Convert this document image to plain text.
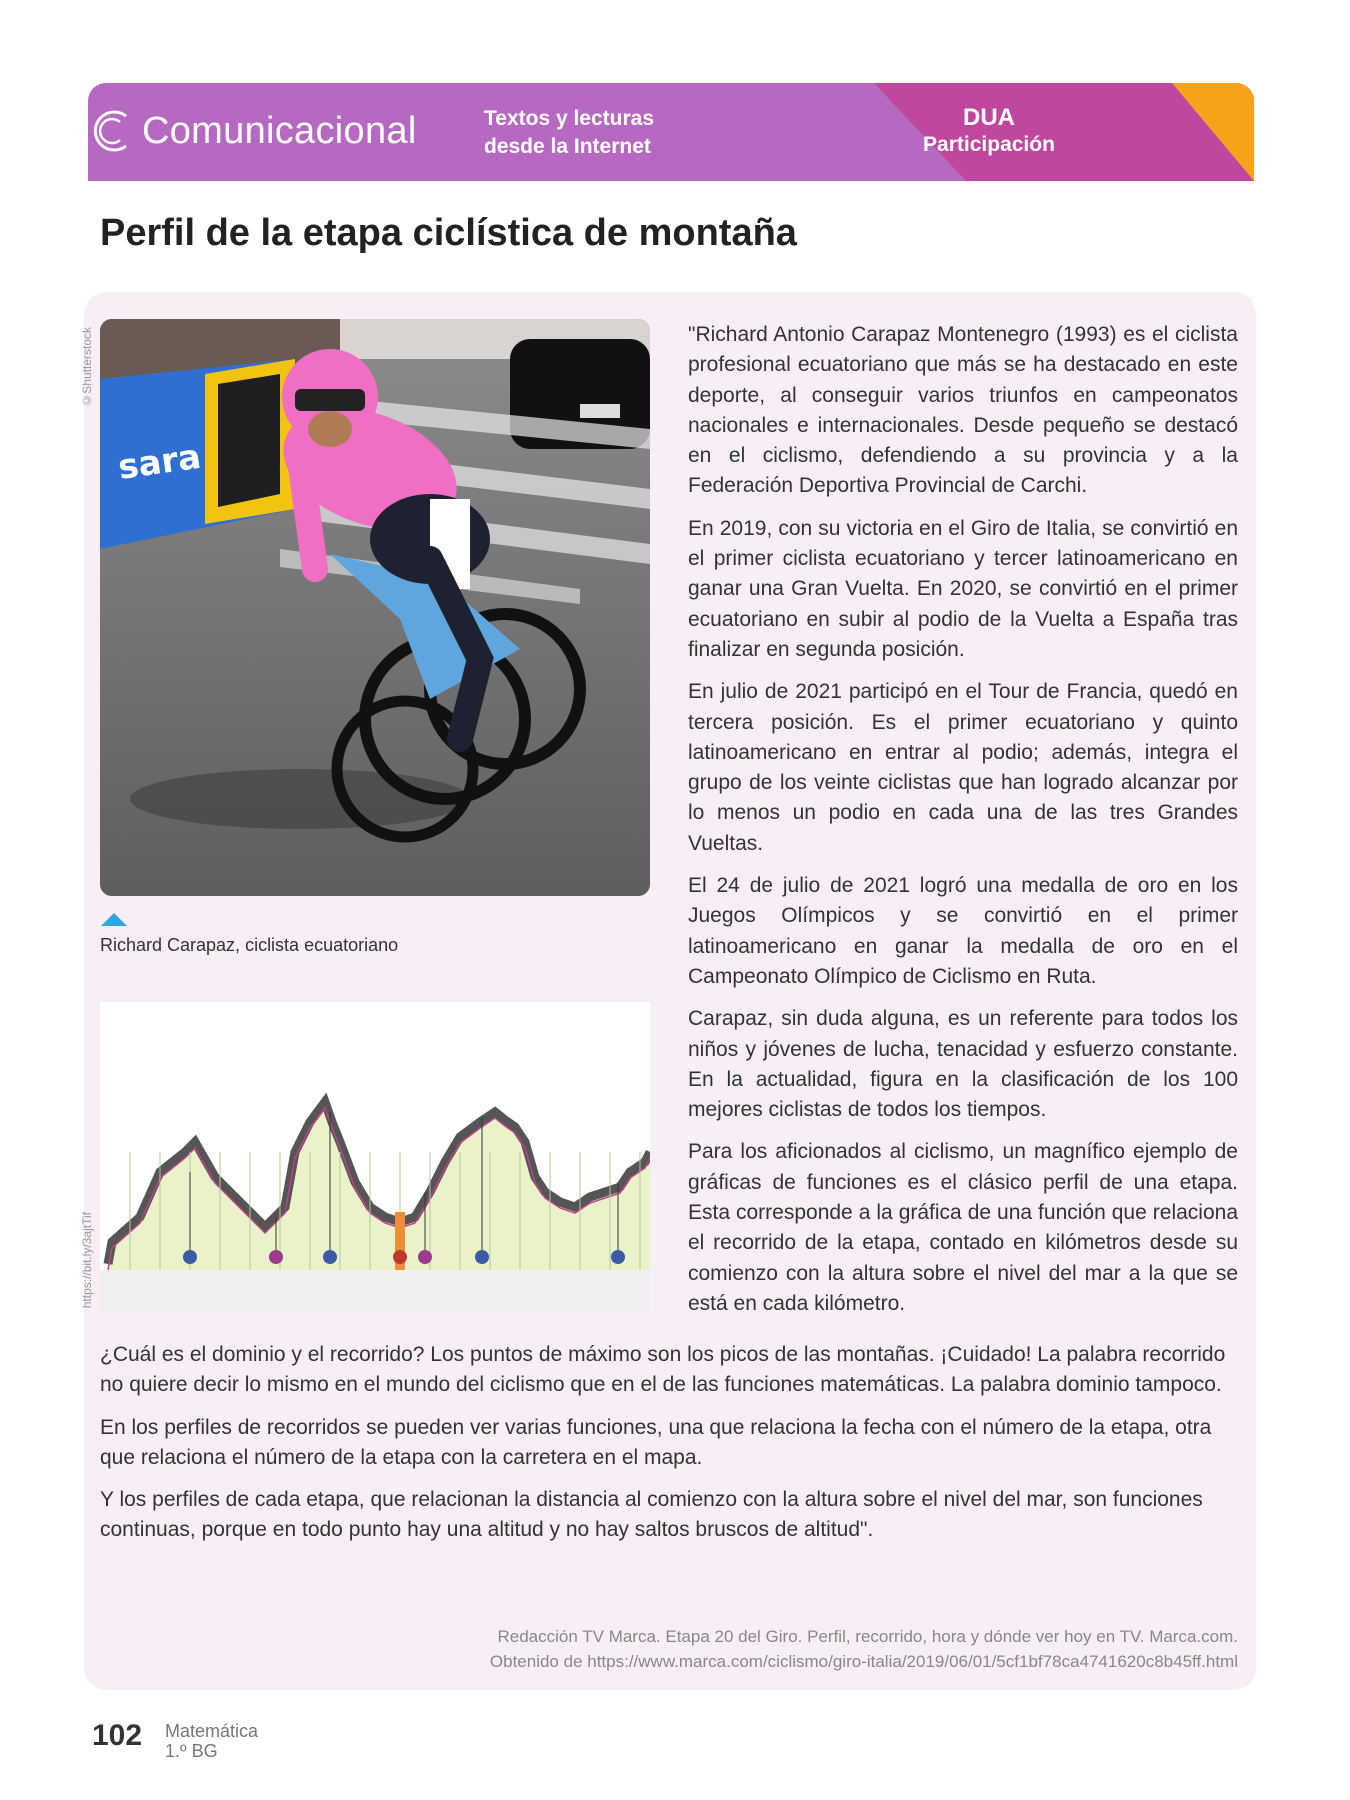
Comunicacional	Textos y lecturas
desde la Internet
DUA
Participación
Perfil de la etapa ciclística de montaña
©Shutterstock
sara
Richard Carapaz, ciclista ecuatoriano
https://bit.ly/3ajtTif

"Richard Antonio Carapaz Montenegro (1993) es el ciclista profesional ecuatoriano que más se ha destacado en este deporte, al conseguir varios triunfos en campeonatos nacionales e internacionales. Desde pequeño se destacó en el ciclismo, defendiendo a su provincia y a la Federación Deportiva Provincial de Carchi.

En 2019, con su victoria en el Giro de Italia, se convirtió en el primer ciclista ecuatoriano y tercer latinoamericano en ganar una Gran Vuelta. En 2020, se convirtió en el primer ecuatoriano en subir al podio de la Vuelta a España tras finalizar en segunda posición.

En julio de 2021 participó en el Tour de Francia, quedó en tercera posición. Es el primer ecuatoriano y quinto latinoamericano en entrar al podio; además, integra el grupo de los veinte ciclistas que han logrado alcanzar por lo menos un podio en cada una de las tres Grandes Vueltas.

El 24 de julio de 2021 logró una medalla de oro en los Juegos Olímpicos y se convirtió en el primer latinoamericano en ganar la medalla de oro en el Campeonato Olímpico de Ciclismo en Ruta.

Carapaz, sin duda alguna, es un referente para todos los niños y jóvenes de lucha, tenacidad y esfuerzo constante. En la actualidad, figura en la clasificación de los 100 mejores ciclistas de todos los tiempos.

Para los aficionados al ciclismo, un magnífico ejemplo de gráficas de funciones es el clásico perfil de una etapa. Esta corresponde a la gráfica de una función que relaciona el recorrido de la etapa, contado en kilómetros desde su comienzo con la altura sobre el nivel del mar a la que se está en cada kilómetro.

¿Cuál es el dominio y el recorrido? Los puntos de máximo son los picos de las montañas. ¡Cuidado! La palabra recorrido no quiere decir lo mismo en el mundo del ciclismo que en el de las funciones matemáticas. La palabra dominio tampoco.

En los perfiles de recorridos se pueden ver varias funciones, una que relaciona la fecha con el número de la etapa, otra que relaciona el número de la etapa con la carretera en el mapa.

Y los perfiles de cada etapa, que relacionan la distancia al comienzo con la altura sobre el nivel del mar, son funciones continuas, porque en todo punto hay una altitud y no hay saltos bruscos de altitud".

Redacción TV Marca. Etapa 20 del Giro. Perfil, recorrido, hora y dónde ver hoy en TV. Marca.com.
Obtenido de https://www.marca.com/ciclismo/giro-italia/2019/06/01/5cf1bf78ca4741620c8b45ff.html
102 Matemática
1.º BG
